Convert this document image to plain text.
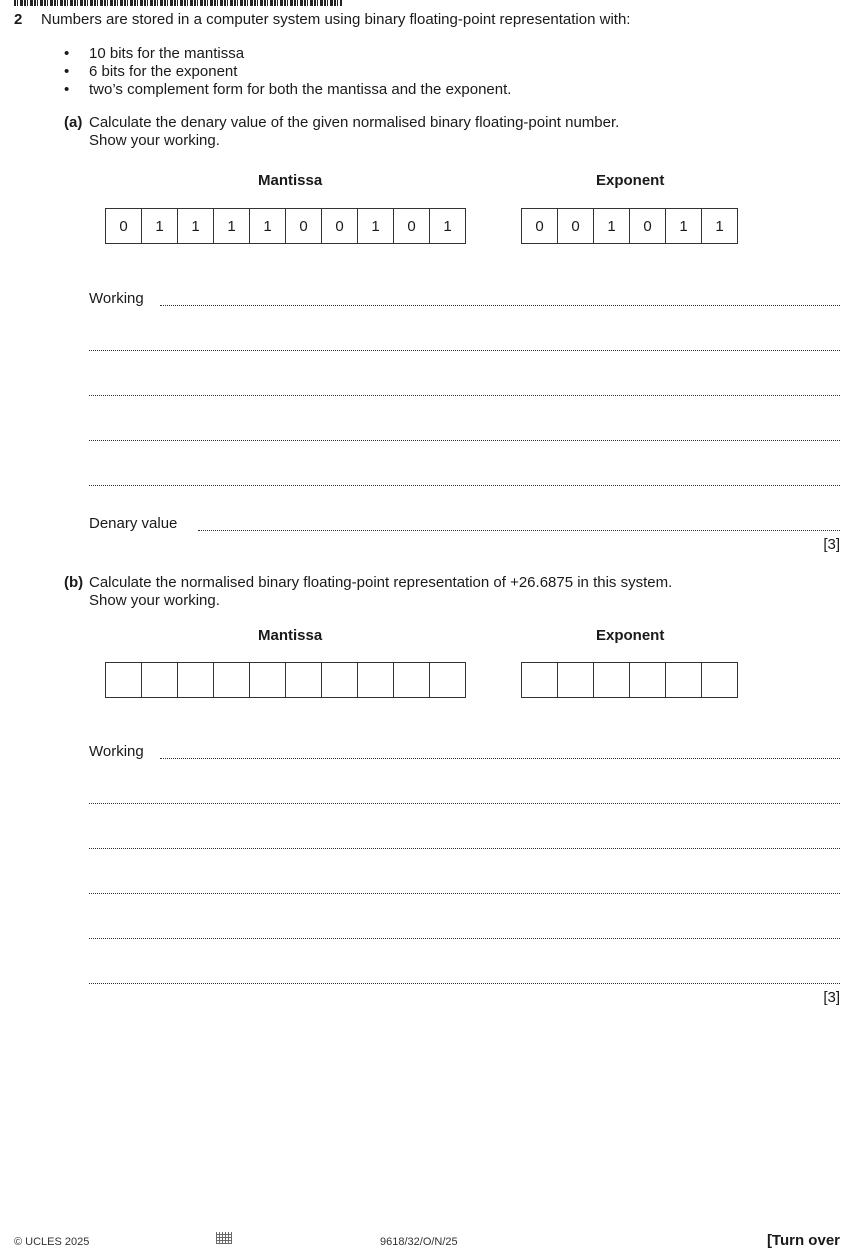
2 Numbers are stored in a computer system using binary floating-point representation with:
• 10 bits for the mantissa
• 6 bits for the exponent
• two’s complement form for both the mantissa and the exponent.
(a) Calculate the denary value of the given normalised binary floating-point number.
Show your working.
Mantissa	Exponent
0	1	1	1	1	0	0	1	0	1	0	0	1	0	1	1
Working
Denary value
[3]
(b) Calculate the normalised binary floating-point representation of +26.6875 in this system.
Show your working.
Mantissa	Exponent
Working
[3]
© UCLES 2025	9618/32/O/N/25	[Turn over
